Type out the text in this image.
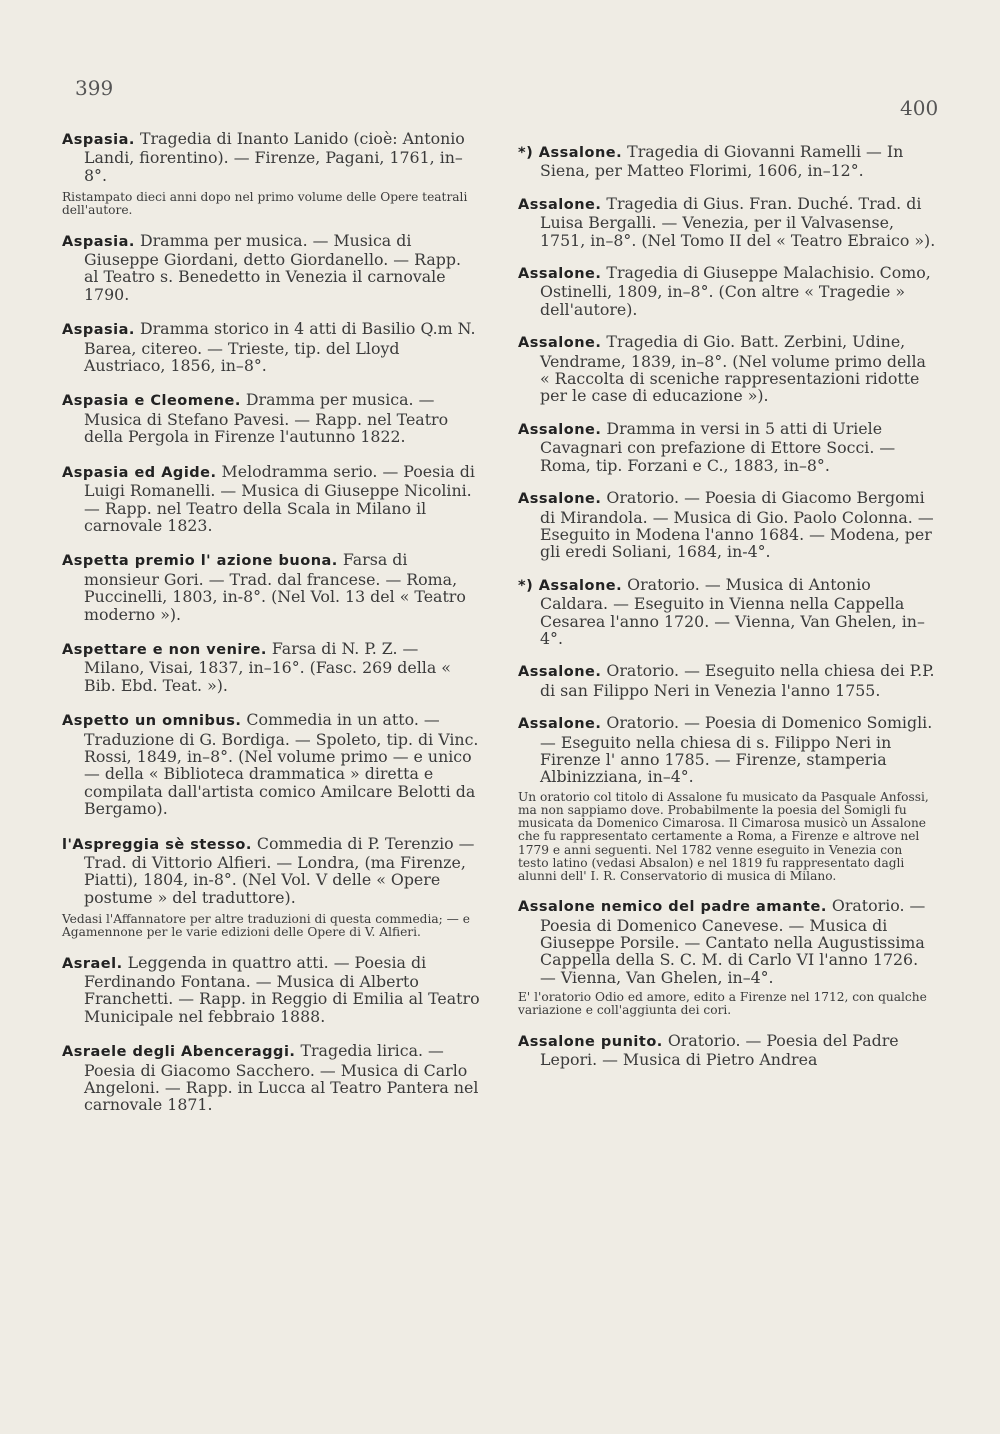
399
400
Aspasia. Tragedia di Inanto Lanido (cioè: Antonio Landi, fiorentino). — Firenze, Pagani, 1761, in–8°.
Ristampato dieci anni dopo nel primo volume delle Opere teatrali dell'autore.
Aspasia. Dramma per musica. — Musica di Giuseppe Giordani, detto Giordanello. — Rapp. al Teatro s. Benedetto in Venezia il carnovale 1790.
Aspasia. Dramma storico in 4 atti di Basilio Q.m N. Barea, citereo. — Trieste, tip. del Lloyd Austriaco, 1856, in–8°.
Aspasia e Cleomene. Dramma per musica. — Musica di Stefano Pavesi. — Rapp. nel Teatro della Pergola in Firenze l'autunno 1822.
Aspasia ed Agide. Melodramma serio. — Poesia di Luigi Romanelli. — Musica di Giuseppe Nicolini. — Rapp. nel Teatro della Scala in Milano il carnovale 1823.
Aspetta premio l' azione buona. Farsa di monsieur Gori. — Trad. dal francese. — Roma, Puccinelli, 1803, in-8°. (Nel Vol. 13 del « Teatro moderno »).
Aspettare e non venire. Farsa di N. P. Z. — Milano, Visai, 1837, in–16°. (Fasc. 269 della « Bib. Ebd. Teat. »).
Aspetto un omnibus. Commedia in un atto. — Traduzione di G. Bordiga. — Spoleto, tip. di Vinc. Rossi, 1849, in–8°. (Nel volume primo — e unico — della « Biblioteca drammatica » diretta e compilata dall'artista comico Amilcare Belotti da Bergamo).
l'Aspreggia sè stesso. Commedia di P. Terenzio — Trad. di Vittorio Alfieri. — Londra, (ma Firenze, Piatti), 1804, in-8°. (Nel Vol. V delle « Opere postume » del traduttore).
Vedasi l'Affannatore per altre traduzioni di questa commedia; — e Agamennone per le varie edizioni delle Opere di V. Alfieri.
Asrael. Leggenda in quattro atti. — Poesia di Ferdinando Fontana. — Musica di Alberto Franchetti. — Rapp. in Reggio di Emilia al Teatro Municipale nel febbraio 1888.
Asraele degli Abenceraggi. Tragedia lirica. — Poesia di Giacomo Sacchero. — Musica di Carlo Angeloni. — Rapp. in Lucca al Teatro Pantera nel carnovale 1871.
*) Assalone. Tragedia di Giovanni Ramelli — In Siena, per Matteo Florimi, 1606, in–12°.
Assalone. Tragedia di Gius. Fran. Duché. Trad. di Luisa Bergalli. — Venezia, per il Valvasense, 1751, in–8°. (Nel Tomo II del « Teatro Ebraico »).
Assalone. Tragedia di Giuseppe Malachisio. Como, Ostinelli, 1809, in–8°. (Con altre « Tragedie » dell'autore).
Assalone. Tragedia di Gio. Batt. Zerbini, Udine, Vendrame, 1839, in–8°. (Nel volume primo della « Raccolta di sceniche rappresentazioni ridotte per le case di educazione »).
Assalone. Dramma in versi in 5 atti di Uriele Cavagnari con prefazione di Ettore Socci. — Roma, tip. Forzani e C., 1883, in–8°.
Assalone. Oratorio. — Poesia di Giacomo Bergomi di Mirandola. — Musica di Gio. Paolo Colonna. — Eseguito in Modena l'anno 1684. — Modena, per gli eredi Soliani, 1684, in-4°.
*) Assalone. Oratorio. — Musica di Antonio Caldara. — Eseguito in Vienna nella Cappella Cesarea l'anno 1720. — Vienna, Van Ghelen, in–4°.
Assalone. Oratorio. — Eseguito nella chiesa dei P.P. di san Filippo Neri in Venezia l'anno 1755.
Assalone. Oratorio. — Poesia di Domenico Somigli. — Eseguito nella chiesa di s. Filippo Neri in Firenze l' anno 1785. — Firenze, stamperia Albinizziana, in–4°.
Un oratorio col titolo di Assalone fu musicato da Pasquale Anfossi, ma non sappiamo dove. Probabilmente la poesia del Somigli fu musicata da Domenico Cimarosa. Il Cimarosa musicò un Assalone che fu rappresentato certamente a Roma, a Firenze e altrove nel 1779 e anni seguenti. Nel 1782 venne eseguito in Venezia con testo latino (vedasi Absalon) e nel 1819 fu rappresentato dagli alunni dell' I. R. Conservatorio di musica di Milano.
Assalone nemico del padre amante. Oratorio. — Poesia di Domenico Canevese. — Musica di Giuseppe Porsile. — Cantato nella Augustissima Cappella della S. C. M. di Carlo VI l'anno 1726. — Vienna, Van Ghelen, in–4°.
E' l'oratorio Odio ed amore, edito a Firenze nel 1712, con qualche variazione e coll'aggiunta dei cori.
Assalone punito. Oratorio. — Poesia del Padre Lepori. — Musica di Pietro Andrea
